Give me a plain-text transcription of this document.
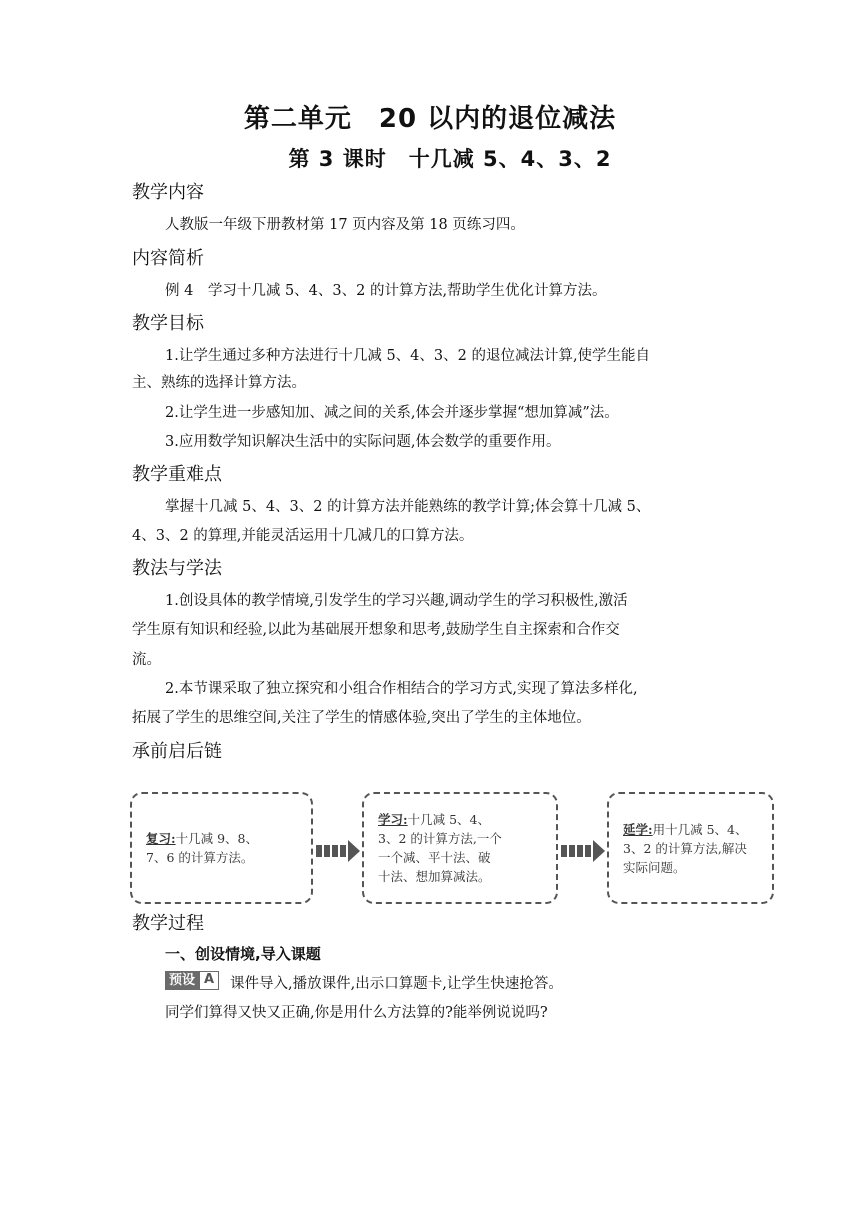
第二单元　20 以内的退位减法
第 3 课时　十几减 5、4、3、2
教学内容
人教版一年级下册教材第 17 页内容及第 18 页练习四。
内容简析
例 4　学习十几减 5、4、3、2 的计算方法,帮助学生优化计算方法。
教学目标
1.让学生通过多种方法进行十几减 5、4、3、2 的退位减法计算,使学生能自
主、熟练的选择计算方法。
2.让学生进一步感知加、减之间的关系,体会并逐步掌握“想加算减”法。
3.应用数学知识解决生活中的实际问题,体会数学的重要作用。
教学重难点
掌握十几减 5、4、3、2 的计算方法并能熟练的教学计算;体会算十几减 5、
4、3、2 的算理,并能灵活运用十几减几的口算方法。
教法与学法
1.创设具体的教学情境,引发学生的学习兴趣,调动学生的学习积极性,激活
学生原有知识和经验,以此为基础展开想象和思考,鼓励学生自主探索和合作交
流。
2.本节课采取了独立探究和小组合作相结合的学习方式,实现了算法多样化,
拓展了学生的思维空间,关注了学生的情感体验,突出了学生的主体地位。
承前启后链
复习:十几减 9、8、
7、6 的计算方法。
学习:十几减 5、4、
3、2 的计算方法,一个
一个减、平十法、破
十法、想加算减法。
延学:用十几减 5、4、
3、2 的计算方法,解决
实际问题。
教学过程
一、创设情境,导入课题
预设 A	课件导入,播放课件,出示口算题卡,让学生快速抢答。
同学们算得又快又正确,你是用什么方法算的?能举例说说吗?
